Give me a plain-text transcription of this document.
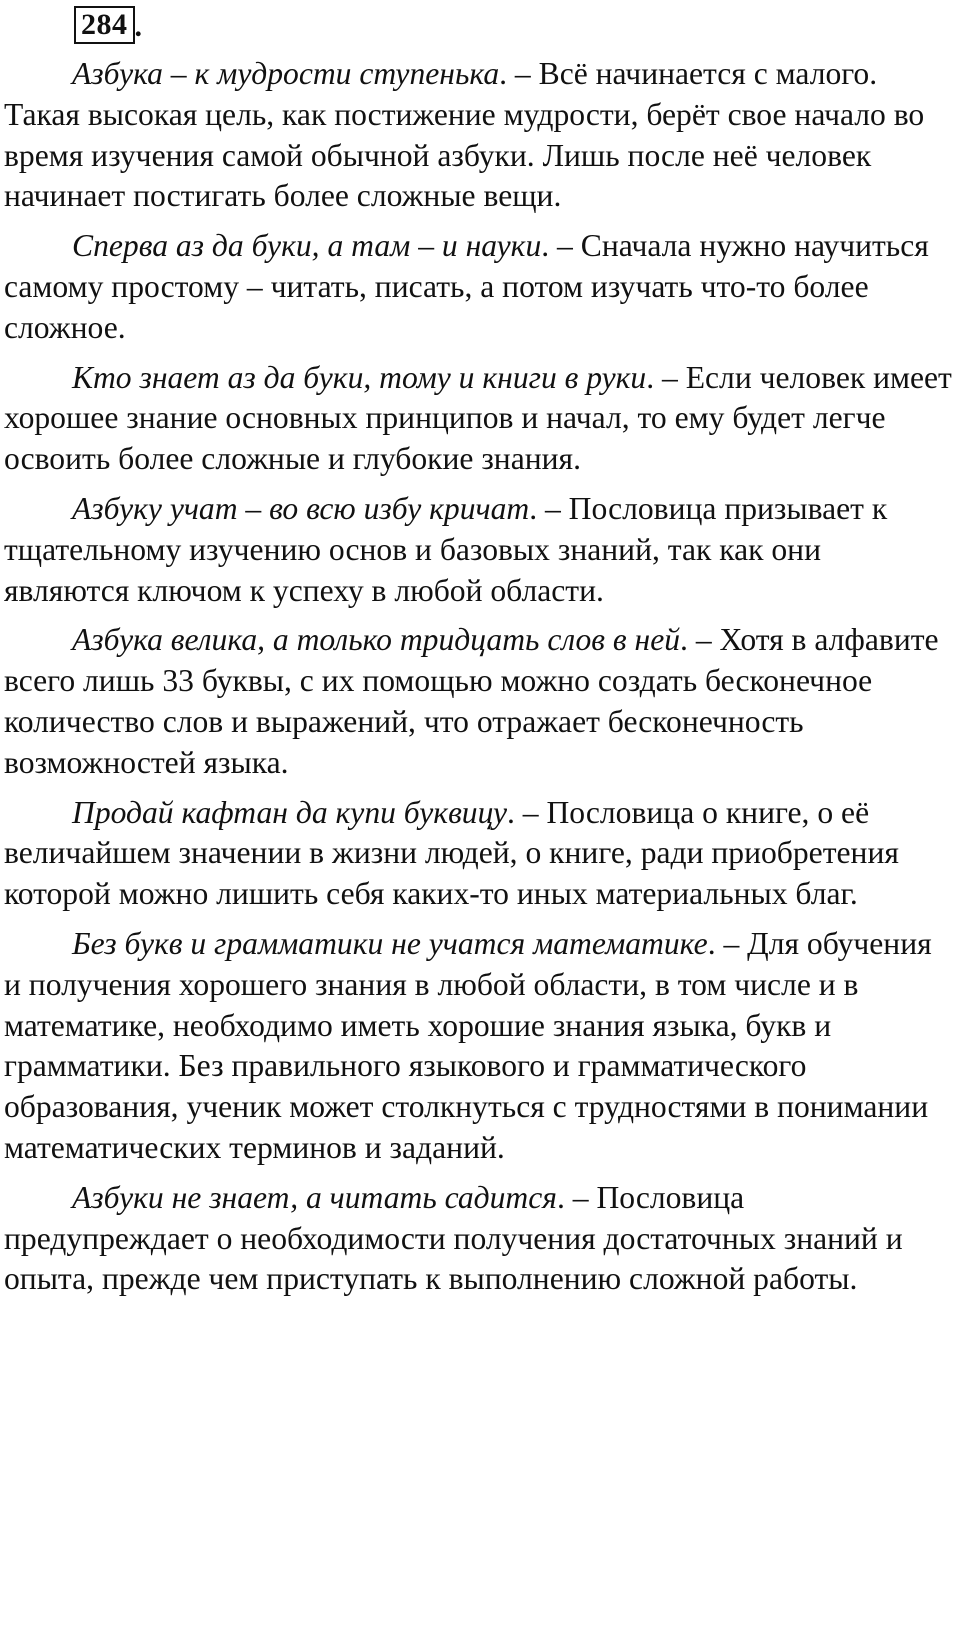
284 .

Азбука – к мудрости ступенька. – Всё начинается с малого. Такая высокая цель, как постижение мудрости, берёт свое начало во время изучения самой обычной азбуки. Лишь после неё человек начинает постигать более сложные вещи.

Сперва аз да буки, а там – и науки. – Сначала нужно научиться самому простому – читать, писать, а потом изучать что-то более сложное.

Кто знает аз да буки, тому и книги в руки. – Если человек имеет хорошее знание основных принципов и начал, то ему будет легче освоить более сложные и глубокие знания.

Азбуку учат – во всю избу кричат. – Пословица призывает к тщательному изучению основ и базовых знаний, так как они являются ключом к успеху в любой области.

Азбука велика, а только тридцать слов в ней. – Хотя в алфавите всего лишь 33 буквы, с их помощью можно создать бесконечное количество слов и выражений, что отражает бесконечность возможностей языка.

Продай кафтан да купи буквицу. – Пословица о книге, о её величайшем значении в жизни людей, о книге, ради приобретения которой можно лишить себя каких-то иных материальных благ.

Без букв и грамматики не учатся математике. – Для обучения и получения хорошего знания в любой области, в том числе и в математике, необходимо иметь хорошие знания языка, букв и грамматики. Без правильного языкового и грамматического образования, ученик может столкнуться с трудностями в понимании математических терминов и заданий.

Азбуки не знает, а читать садится. – Пословица предупреждает о необходимости получения достаточных знаний и опыта, прежде чем приступать к выполнению сложной работы.
